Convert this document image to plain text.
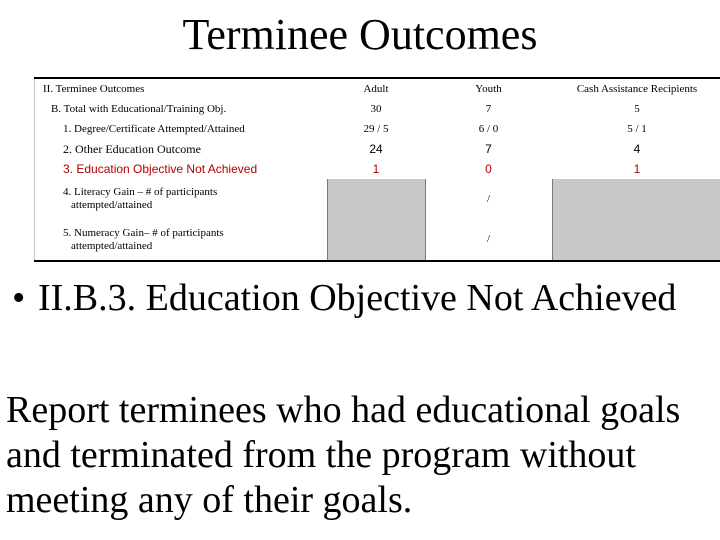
Terminee Outcomes
II. Terminee Outcomes	Adult	Youth	Cash Assistance Recipients
B. Total with Educational/Training Obj.	30	7	5
1. Degree/Certificate Attempted/Attained	29 / 5	6 / 0	5 / 1
2. Other Education Outcome	24	7	4
3. Education Objective Not Achieved	1	0	1

4. Literacy Gain – # of participants
attempted/attained		/	

5. Numeracy Gain– # of participants
attempted/attained		/	
• II.B.3. Education Objective Not Achieved
Report terminees who had educational goals and terminated from the program without meeting any of their goals.
